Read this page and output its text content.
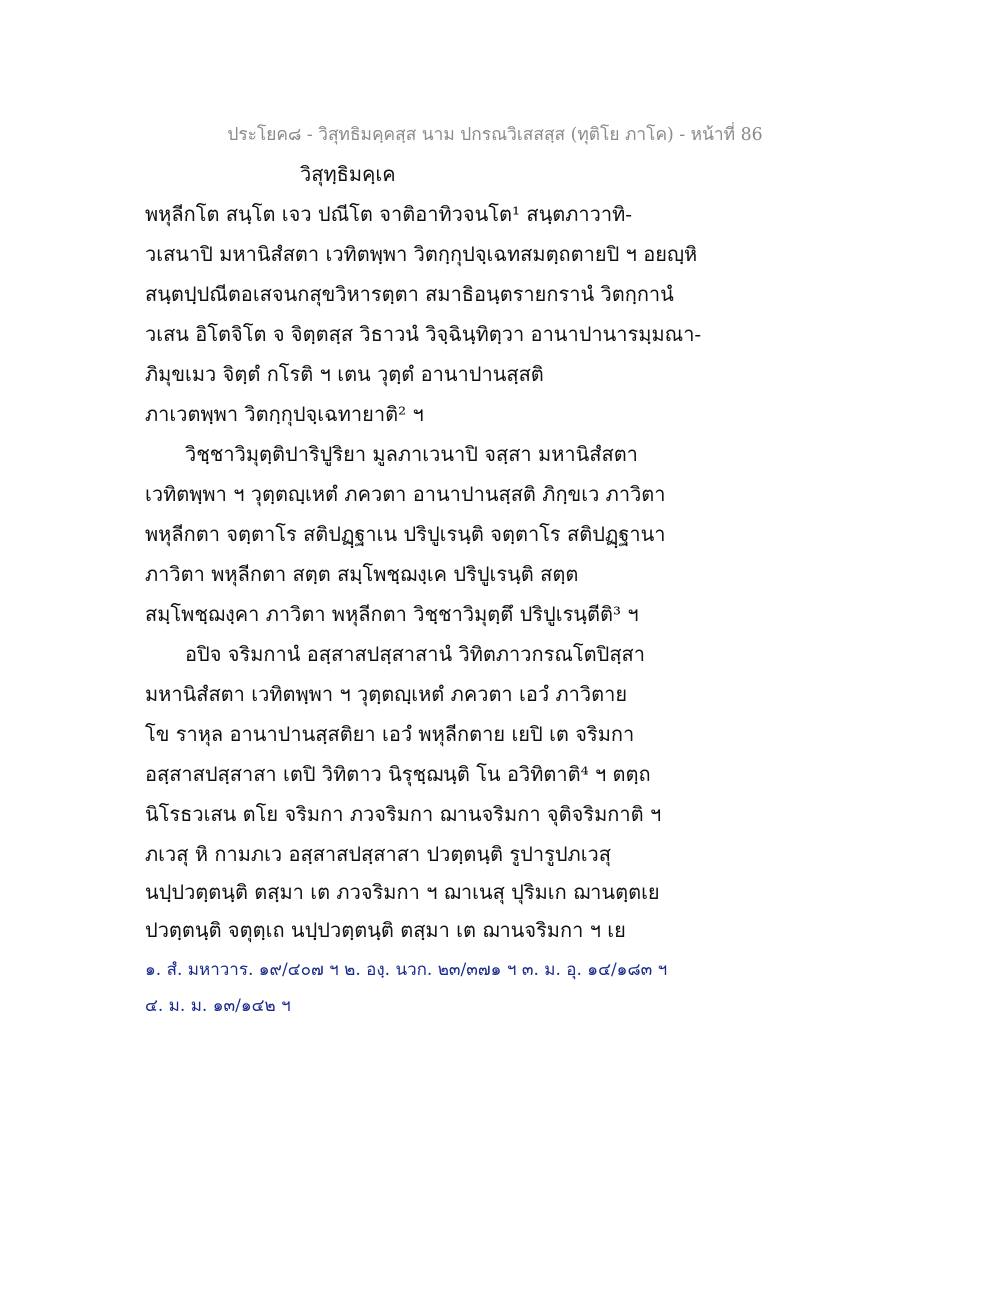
ประโยค๘ - วิสุทธิมคฺคสฺส นาม ปกรณวิเสสสฺส (ทุติโย ภาโค) - หน้าที่ 86
วิสุทฺธิมคฺเค
พหุลีกโต สนฺโต เจว ปณีโต จาติอาทิวจนโต¹ สนฺตภาวาทิ-
วเสนาปิ มหานิสํสตา เวทิตพฺพา วิตกฺกุปจฺเฉทสมตฺถตายปิ ฯ อยญฺหิ
สนฺตปฺปณีตอเสจนกสุขวิหารตฺตา สมาธิอนฺตรายกรานํ วิตกฺกานํ
วเสน อิโตจิโต จ จิตฺตสฺส วิธาวนํ วิจฺฉินฺทิตฺวา อานาปานารมฺมณา-
ภิมุขเมว จิตฺตํ กโรติ ฯ เตน วุตฺตํ อานาปานสฺสติ
ภาเวตพฺพา วิตกฺกุปจฺเฉทายาติ² ฯ
วิชฺชาวิมุตฺติปาริปูริยา มูลภาเวนาปิ จสฺสา มหานิสํสตา
เวทิตพฺพา ฯ วุตฺตญฺเหตํ ภควตา อานาปานสฺสติ ภิกฺขเว ภาวิตา
พหุลีกตา จตฺตาโร สติปฏฺฐาเน ปริปูเรนฺติ จตฺตาโร สติปฏฺฐานา
ภาวิตา พหุลีกตา สตฺต สมฺโพชฺฌงฺเค ปริปูเรนฺติ สตฺต
สมฺโพชฺฌงฺคา ภาวิตา พหุลีกตา วิชฺชาวิมุตฺตึ ปริปูเรนฺตีติ³ ฯ
อปิจ จริมกานํ อสฺสาสปสฺสาสานํ วิทิตภาวกรณโตปิสฺสา
มหานิสํสตา เวทิตพฺพา ฯ วุตฺตญฺเหตํ ภควตา เอวํ ภาวิตาย
โข ราหุล อานาปานสฺสติยา เอวํ พหุลีกตาย เยปิ เต จริมกา
อสฺสาสปสฺสาสา เตปิ วิทิตาว นิรุชฺฌนฺติ โน อวิทิตาติ⁴ ฯ ตตฺถ
นิโรธวเสน ตโย จริมกา ภวจริมกา ฌานจริมกา จุติจริมกาติ ฯ
ภเวสุ หิ กามภเว อสฺสาสปสฺสาสา ปวตฺตนฺติ รูปารูปภเวสุ
นปฺปวตฺตนฺติ ตสฺมา เต ภวจริมกา ฯ ฌาเนสุ ปุริมเก ฌานตฺตเย
ปวตฺตนฺติ จตุตฺเถ นปฺปวตฺตนฺติ ตสฺมา เต ฌานจริมกา ฯ เย
๑. สํ. มหาวาร. ๑๙/๔๐๗ ฯ ๒. องฺ. นวก. ๒๓/๓๗๑ ฯ ๓. ม. อุ. ๑๔/๑๘๓ ฯ
๔. ม. ม. ๑๓/๑๔๒ ฯ
